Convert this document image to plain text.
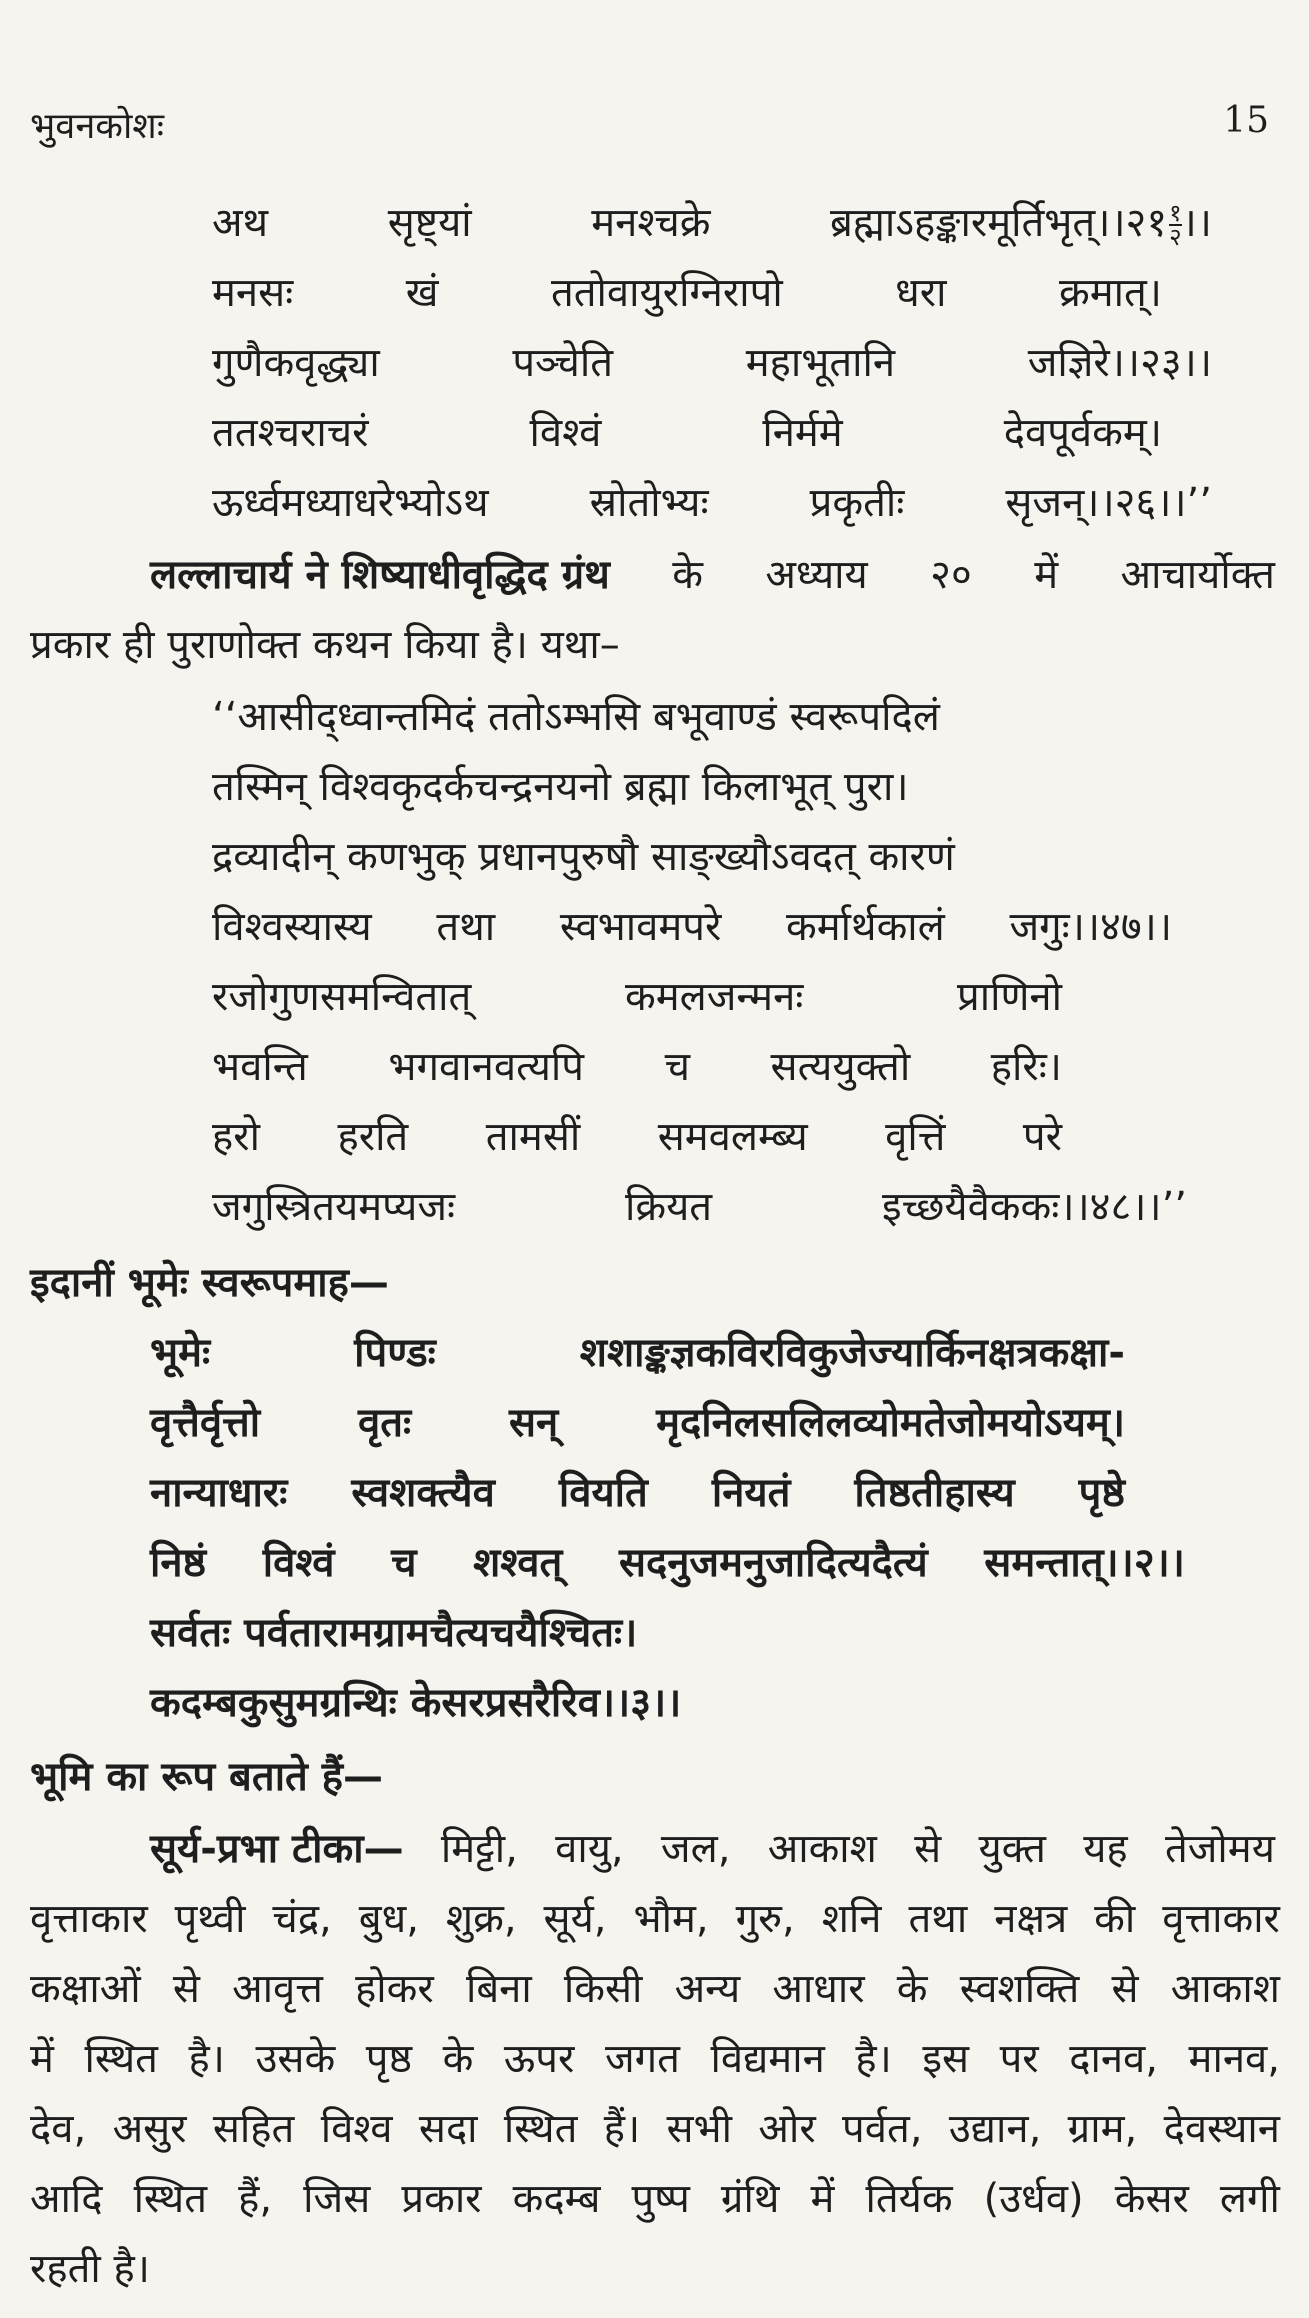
भुवनकोशः	15
अथ	सृष्ट्यां	मनश्चक्रे	ब्रह्माऽहङ्कारमूर्तिभृत्।।२१ $\frac{१}{२}$ ।।
मनसः	खं	ततोवायुरग्निरापो	धरा	क्रमात्।
गुणैकवृद्ध्या	पञ्चेति	महाभूतानि	जज्ञिरे।।२३।।
ततश्चराचरं	विश्वं	निर्ममे	देवपूर्वकम्।
ऊर्ध्वमध्याधरेभ्योऽथ	स्रोतोभ्यः	प्रकृतीः	सृजन्।।२६।।’’
लल्लाचार्य ने शिष्याधीवृद्धिद ग्रंथ के अध्याय २० में आचार्योक्त
प्रकार ही पुराणोक्त कथन किया है। यथा–
‘‘आसीद्ध्वान्तमिदं ततोऽम्भसि बभूवाण्डं स्वरूपदिलं
तस्मिन् विश्वकृदर्कचन्द्रनयनो ब्रह्मा किलाभूत् पुरा।
द्रव्यादीन् कणभुक् प्रधानपुरुषौ साङ्ख्यौऽवदत् कारणं
विश्वस्यास्य तथा स्वभावमपरे कर्मार्थकालं जगुः।।४७।।
रजोगुणसमन्वितात्	कमलजन्मनः	प्राणिनो
भवन्ति भगवानवत्यपि च सत्ययुक्तो हरिः।
हरो हरति तामसीं समवलम्ब्य वृत्तिं परे
जगुस्त्रितयमप्यजः	क्रियत	इच्छयैवैककः।।४८।।’’
इदानीं भूमेः स्वरूपमाह—
भूमेः	पिण्डः	शशाङ्कज्ञकविरविकुजेज्यार्किनक्षत्रकक्षा-
वृत्तैर्वृत्तो वृतः सन् मृदनिलसलिलव्योमतेजोमयोऽयम्।
नान्याधारः स्वशक्त्यैव वियति नियतं तिष्ठतीहास्य पृष्ठे
निष्ठं विश्वं च शश्वत् सदनुजमनुजादित्यदैत्यं समन्तात्।।२।।
सर्वतः पर्वतारामग्रामचैत्यचयैश्चितः।
कदम्बकुसुमग्रन्थिः केसरप्रसरैरिव।।३।।
भूमि का रूप बताते हैं—
सूर्य-प्रभा टीका— मिट्टी, वायु, जल, आकाश से युक्त यह तेजोमय
वृत्ताकार पृथ्वी चंद्र, बुध, शुक्र, सूर्य, भौम, गुरु, शनि तथा नक्षत्र की वृत्ताकार
कक्षाओं से आवृत्त होकर बिना किसी अन्य आधार के स्वशक्ति से आकाश
में स्थित है। उसके पृष्ठ के ऊपर जगत विद्यमान है। इस पर दानव, मानव,
देव, असुर सहित विश्व सदा स्थित हैं। सभी ओर पर्वत, उद्यान, ग्राम, देवस्थान
आदि स्थित हैं, जिस प्रकार कदम्ब पुष्प ग्रंथि में तिर्यक (उर्धव) केसर लगी
रहती है।
